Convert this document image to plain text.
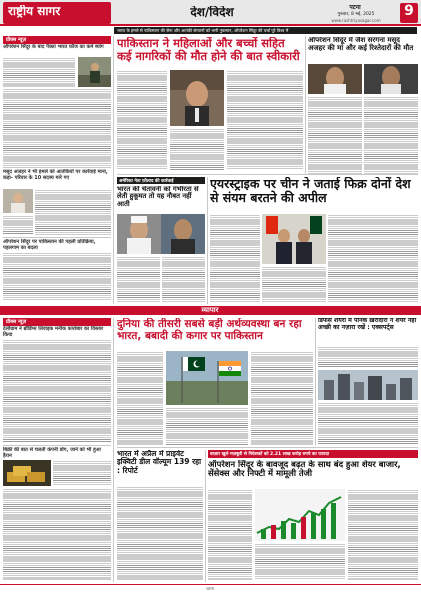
राष्ट्रीय सागर	देश/विदेश	पटना
गुरुवार, 8 मई, 2025
www.rashtriyasagar.com
9
भारत के हमले से पाकिस्तान की सेना और आतंकी संगठनों को भारी नुकसान, ऑपरेशन सिंदूर की चर्चा पूरे विश्व में
प्रीक्स न्यूज़
ऑपरेशन सिंदूर के बाद पैक्ता भारत फ़ौज का कर्म ब्यांग
मसूद अजहर ने भी हमले को आतंकियों पर कार्रवाई माना, कहा- परिवार के 10 सदस्य मारे गए
ऑपरेशन सिंदूर पर पाकिस्तान की पहली प्रतिक्रिया, पहलगाम का बदला
पाकिस्तान ने महिलाओं और बच्चों सहित कई नागरिकों की मौत होने की बात स्वीकारी
ऑपरेशन सिंदूर में जैश सरगना मसूद अजहर की मां और कई रिश्तेदारों की मौत
अमेरिका नेता फ़ौलाद की कार्रवाई
भारत की चेतावनी को गंभीरता से लेती हुकूमत तो यह नौबत नहीं आती
एयरस्ट्राइक पर चीन ने जताई फिक्र दोनों देश से संयम बरतने की अपील
व्यापार
प्रीक्स न्यूज़
टेलीग्राम ने ब्रॉडिंग्स लिवाइक मनीक कारोबार का विस्तार किया
बिक्री की बात से चलती कंपनी डोंग, जानें को भी हुआ हैरान
दुनिया की तीसरी सबसे बड़ी अर्थव्यवस्था बन रहा भारत, बबादी की कगार पर पाकिस्तान
डिफेंस शेयरों में पैनिक ख़रीदारी ने शेयर नहीं अच्छी का नज़ारा रखें : एक्सपर्ट्स
भारत में अप्रैल में प्राइवेट इक्विटी डील वॉल्यूम 139 रहा : रिपोर्ट
बाज़ार खुले मज़बूती से निवेशकों को 2.21 लाख करोड़ रुपये का फायदा
ऑपरेशन सिंदूर के बावजूद बढ़त के साथ बंद हुआ शेयर बाजार, सेंसेक्स और निफ्टी में मामूली तेजी
पटना
